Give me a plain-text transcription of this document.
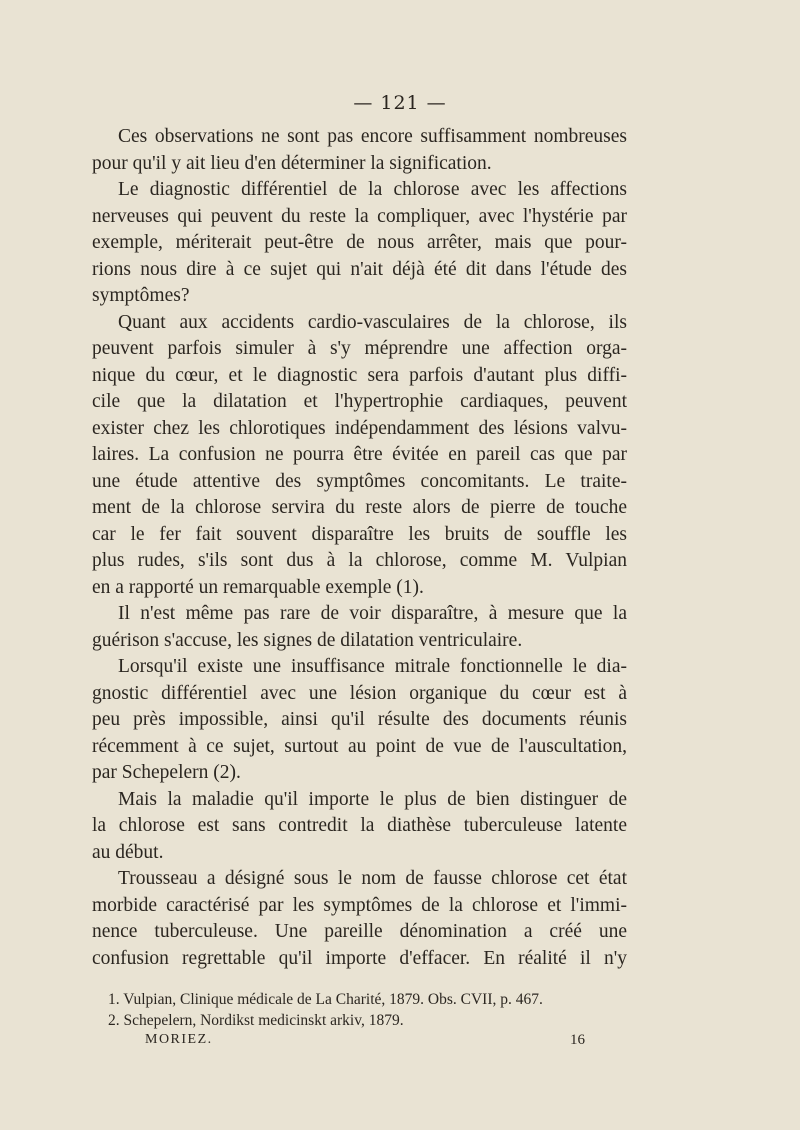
— 121 —
Ces observations ne sont pas encore suffisamment nombreuses
pour qu'il y ait lieu d'en déterminer la signification.
Le diagnostic différentiel de la chlorose avec les affections
nerveuses qui peuvent du reste la compliquer, avec l'hystérie par
exemple, mériterait peut-être de nous arrêter, mais que pour-
rions nous dire à ce sujet qui n'ait déjà été dit dans l'étude des
symptômes?
Quant aux accidents cardio-vasculaires de la chlorose, ils
peuvent parfois simuler à s'y méprendre une affection orga-
nique du cœur, et le diagnostic sera parfois d'autant plus diffi-
cile que la dilatation et l'hypertrophie cardiaques, peuvent
exister chez les chlorotiques indépendamment des lésions valvu-
laires. La confusion ne pourra être évitée en pareil cas que par
une étude attentive des symptômes concomitants. Le traite-
ment de la chlorose servira du reste alors de pierre de touche
car le fer fait souvent disparaître les bruits de souffle les
plus rudes, s'ils sont dus à la chlorose, comme M. Vulpian
en a rapporté un remarquable exemple (1).
Il n'est même pas rare de voir disparaître, à mesure que la
guérison s'accuse, les signes de dilatation ventriculaire.
Lorsqu'il existe une insuffisance mitrale fonctionnelle le dia-
gnostic différentiel avec une lésion organique du cœur est à
peu près impossible, ainsi qu'il résulte des documents réunis
récemment à ce sujet, surtout au point de vue de l'auscultation,
par Schepelern (2).
Mais la maladie qu'il importe le plus de bien distinguer de
la chlorose est sans contredit la diathèse tuberculeuse latente
au début.
Trousseau a désigné sous le nom de fausse chlorose cet état
morbide caractérisé par les symptômes de la chlorose et l'immi-
nence tuberculeuse. Une pareille dénomination a créé une
confusion regrettable qu'il importe d'effacer. En réalité il n'y
1. Vulpian, Clinique médicale de La Charité, 1879. Obs. CVII, p. 467.
2. Schepelern, Nordikst medicinskt arkiv, 1879.
MORIEZ.	16
